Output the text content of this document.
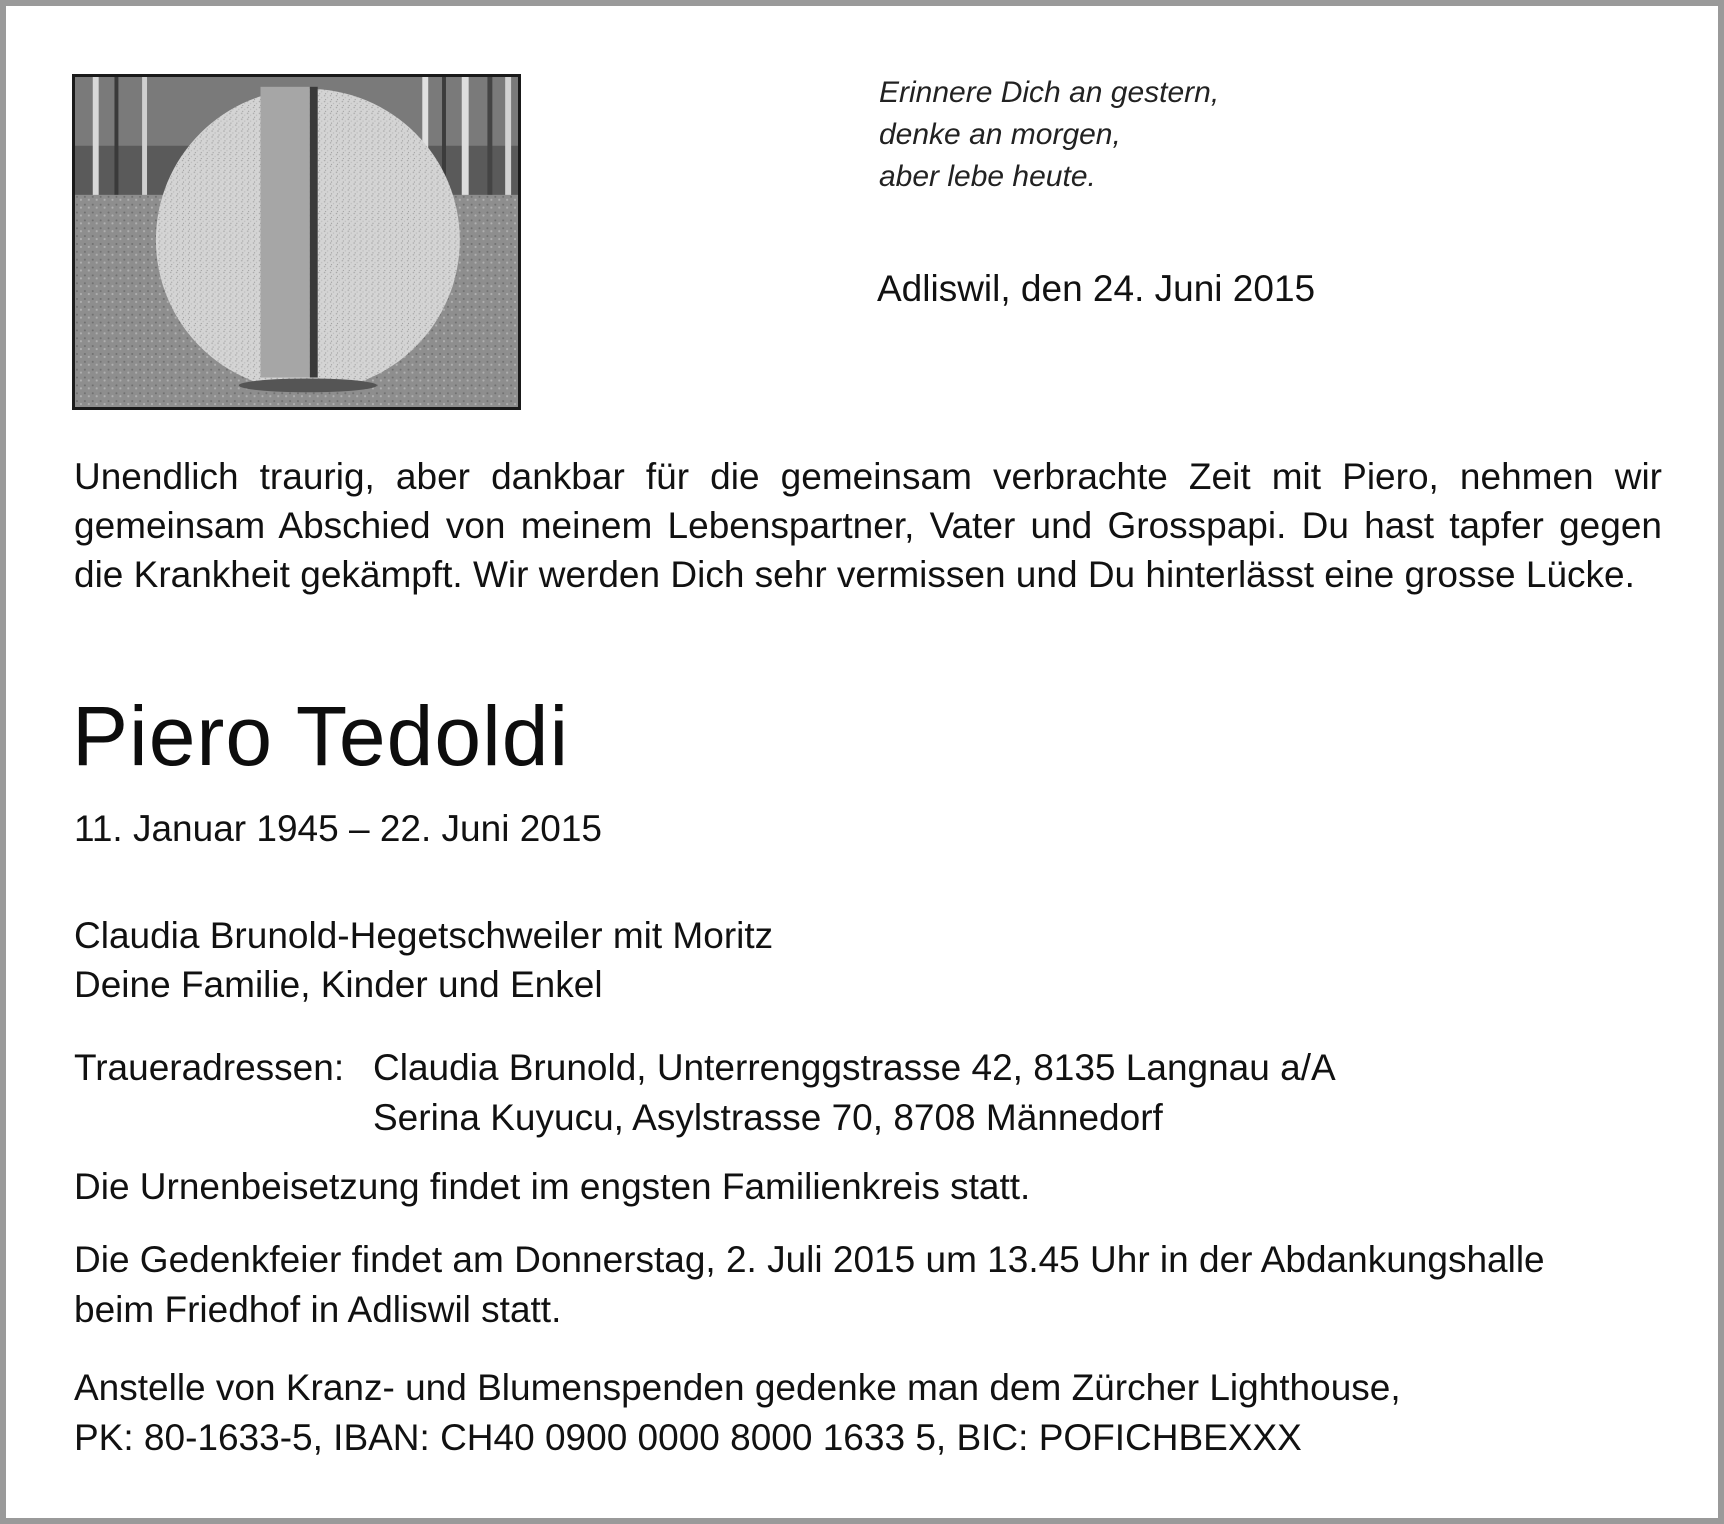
Erinnere Dich an gestern,
denke an morgen,
aber lebe heute.
Adliswil, den 24. Juni 2015
Unendlich traurig, aber dankbar für die gemeinsam verbrachte Zeit mit Piero, nehmen wir gemeinsam Abschied von meinem Lebenspartner, Vater und Grosspapi. Du hast tapfer gegen die Krankheit gekämpft. Wir werden Dich sehr vermissen und Du hinterlässt eine grosse Lücke.
Piero Tedoldi
11. Januar 1945 – 22. Juni 2015
Claudia Brunold-Hegetschweiler mit Moritz
Deine Familie, Kinder und Enkel
Traueradressen: Claudia Brunold, Unterrenggstrasse 42, 8135 Langnau a/A
Serina Kuyucu, Asylstrasse 70, 8708 Männedorf
Die Urnenbeisetzung findet im engsten Familienkreis statt.
Die Gedenkfeier findet am Donnerstag, 2. Juli 2015 um 13.45 Uhr in der Abdankungshalle
beim Friedhof in Adliswil statt.
Anstelle von Kranz- und Blumenspenden gedenke man dem Zürcher Lighthouse,
PK: 80-1633-5, IBAN: CH40 0900 0000 8000 1633 5, BIC: POFICHBEXXX
